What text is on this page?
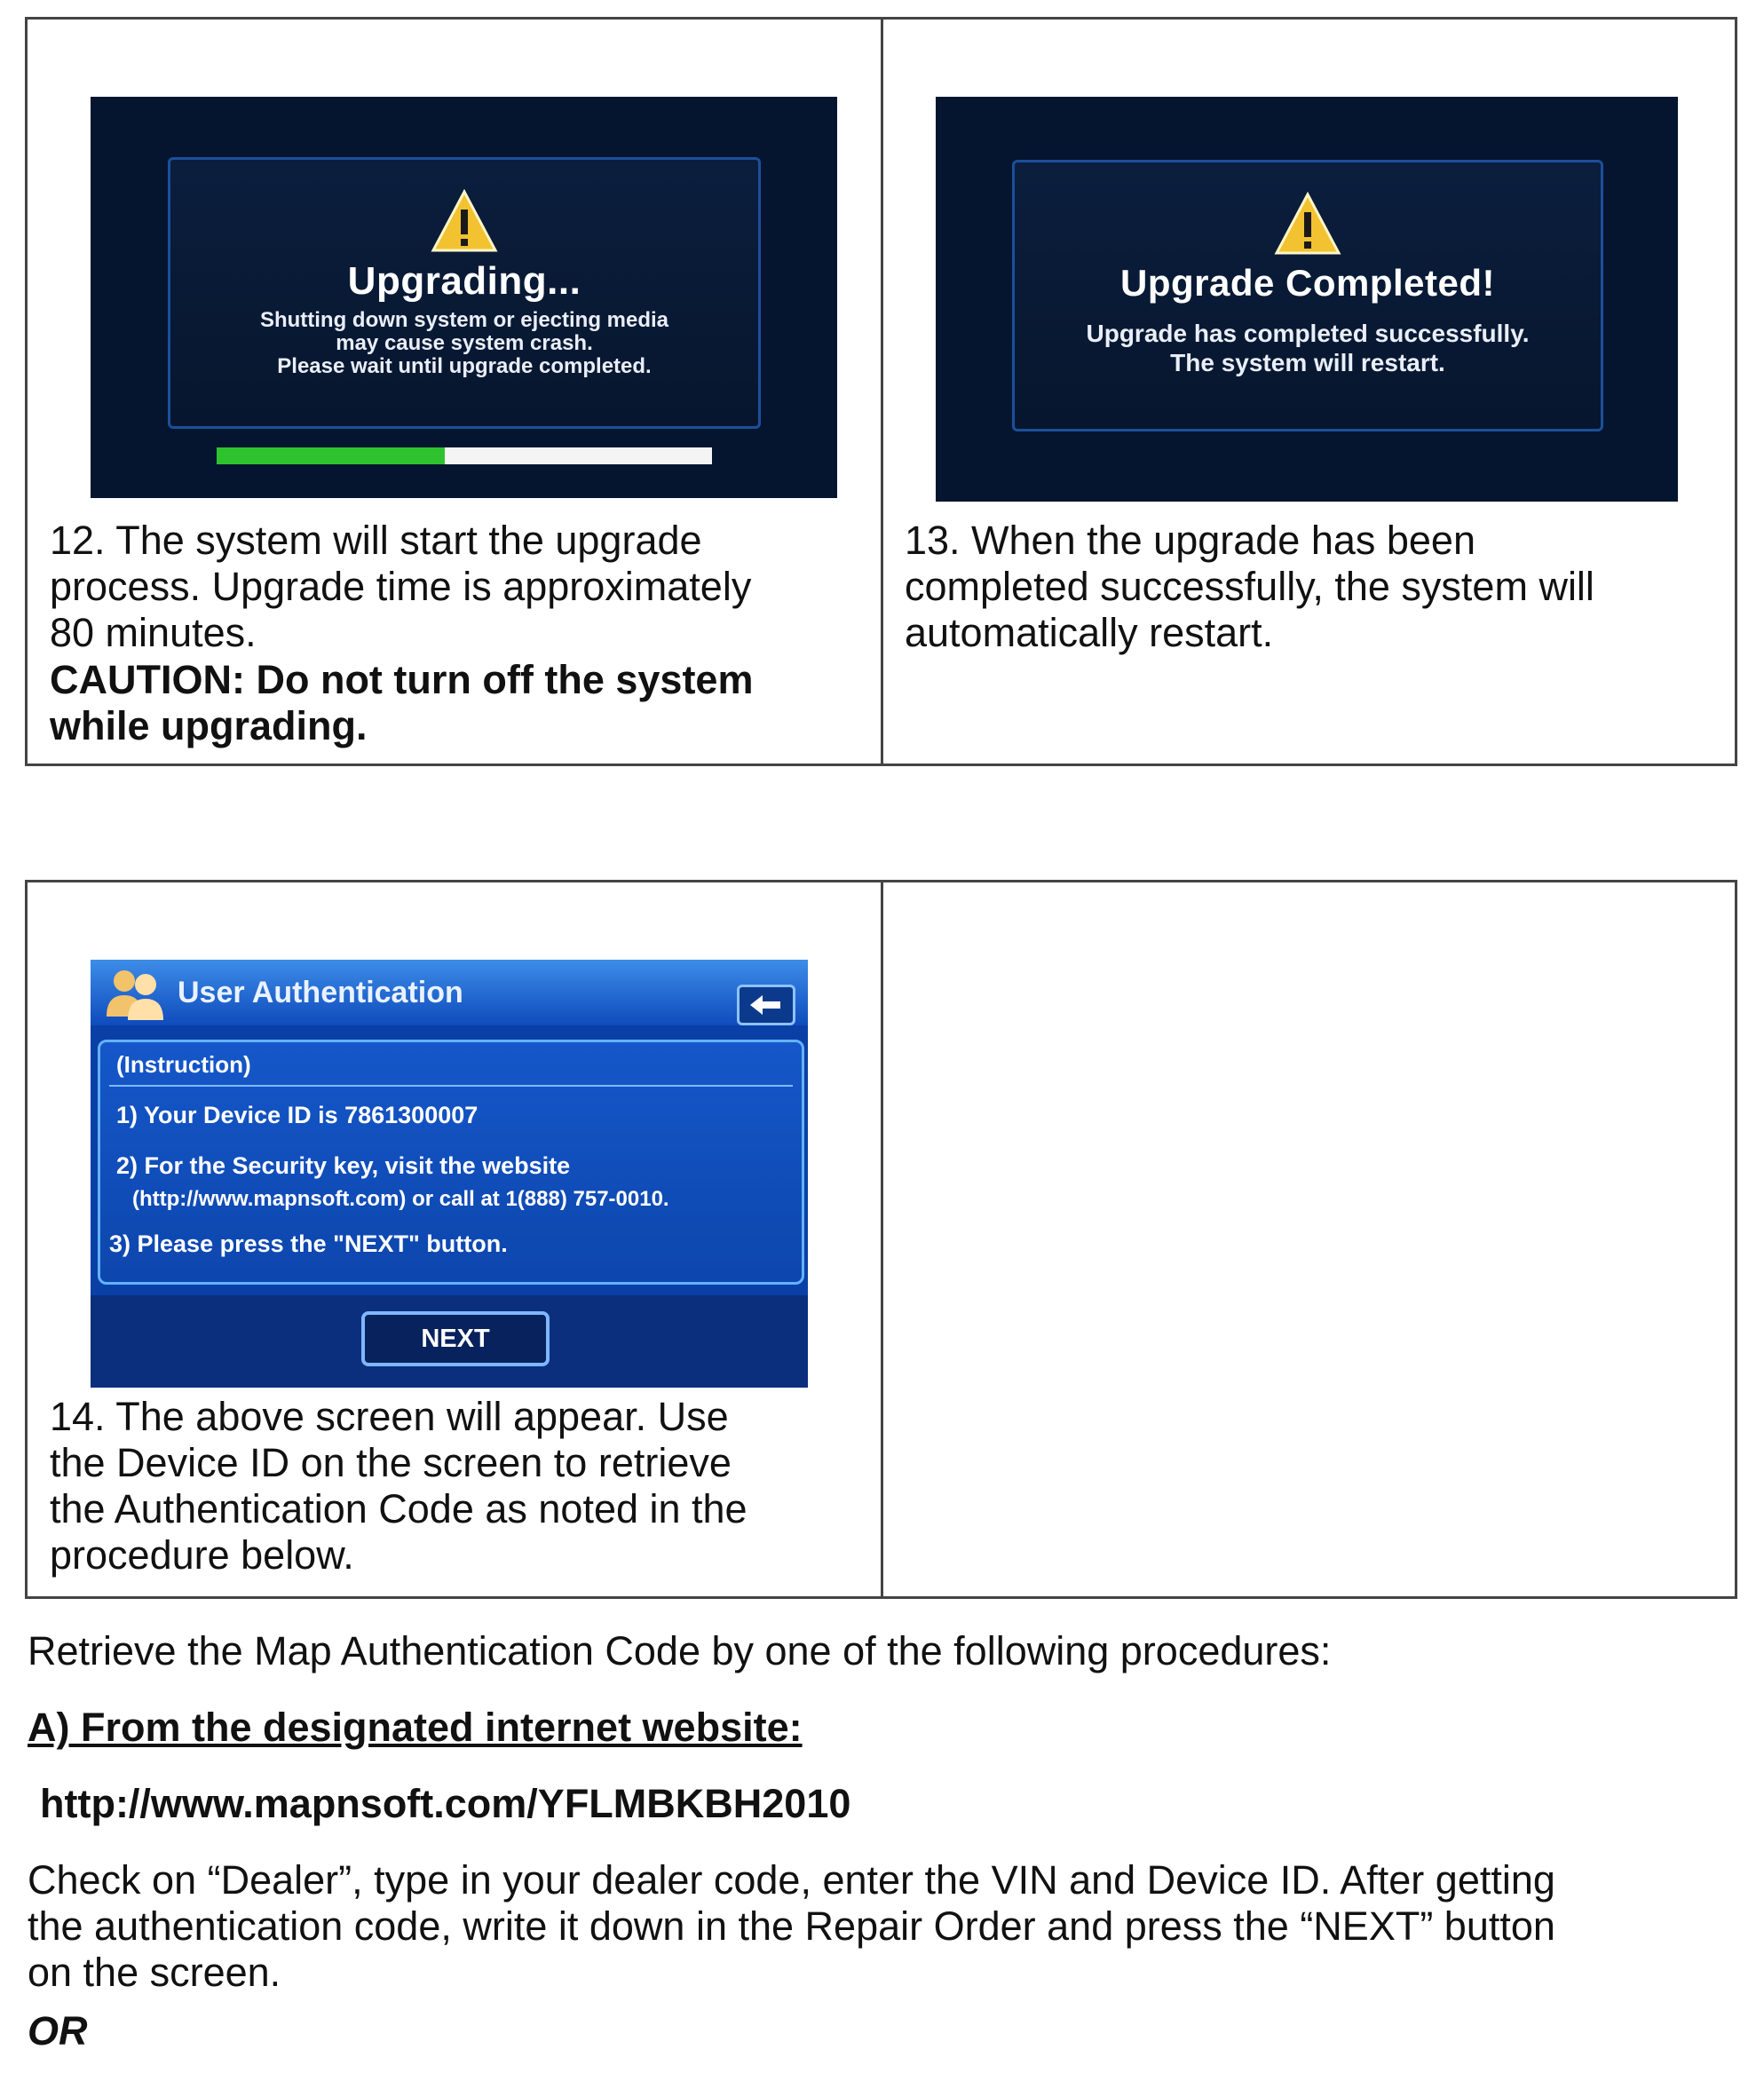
Upgrading...
Shutting down system or ejecting media
may cause system crash.
Please wait until upgrade completed.
12. The system will start the upgrade
process. Upgrade time is approximately
80 minutes.
CAUTION: Do not turn off the system
while upgrading.
Upgrade Completed!
Upgrade has completed successfully.
The system will restart.
13. When the upgrade has been
completed successfully, the system will
automatically restart.
User Authentication
(Instruction)
1) Your Device ID is 7861300007
2) For the Security key, visit the website
(http://www.mapnsoft.com) or call at 1(888) 757-0010.
3) Please press the "NEXT" button.
NEXT
14. The above screen will appear. Use
the Device ID on the screen to retrieve
the Authentication Code as noted in the
procedure below.
Retrieve the Map Authentication Code by one of the following procedures:
A) From the designated internet website:
http://www.mapnsoft.com/YFLMBKBH2010
Check on “Dealer”, type in your dealer code, enter the VIN and Device ID. After getting
the authentication code, write it down in the Repair Order and press the “NEXT” button
on the screen.
OR
